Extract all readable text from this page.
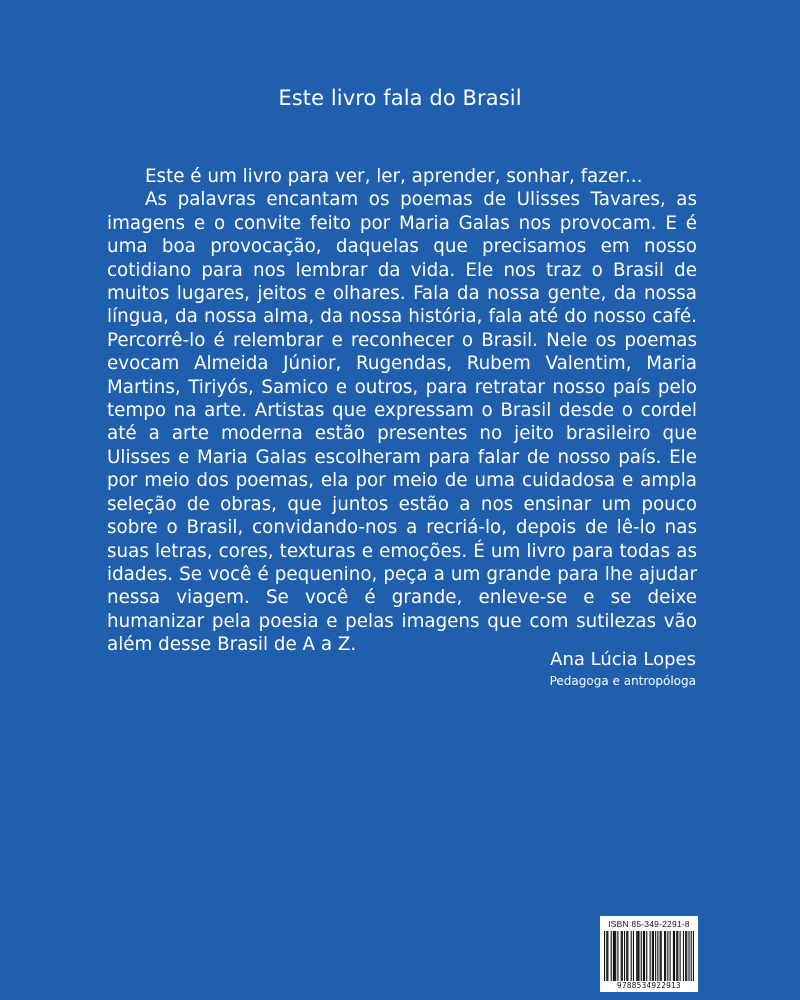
Este livro fala do Brasil

Este é um livro para ver, ler, aprender, sonhar, fazer...

As palavras encantam os poemas de Ulisses Tavares, as imagens e o convite feito por Maria Galas nos provocam. E é uma boa provocação, daquelas que precisamos em nosso cotidiano para nos lembrar da vida. Ele nos traz o Brasil de muitos lugares, jeitos e olhares. Fala da nossa gente, da nossa língua, da nossa alma, da nossa história, fala até do nosso café. Percorrê-lo é relembrar e reconhecer o Brasil. Nele os poemas evocam Almeida Júnior, Rugendas, Rubem Valentim, Maria Martins, Tiriyós, Samico e outros, para retratar nosso país pelo tempo na arte. Artistas que expressam o Brasil desde o cordel até a arte moderna estão presentes no jeito brasileiro que Ulisses e Maria Galas escolheram para falar de nosso país. Ele por meio dos poemas, ela por meio de uma cuidadosa e ampla seleção de obras, que juntos estão a nos ensinar um pouco sobre o Brasil, convidando-nos a recriá-lo, depois de lê-lo nas suas letras, cores, texturas e emoções. É um livro para todas as idades. Se você é pequenino, peça a um grande para lhe ajudar nessa viagem. Se você é grande, enleve-se e se deixe humanizar pela poesia e pelas imagens que com sutilezas vão além desse Brasil de A a Z.

Ana Lúcia Lopes
Pedagoga e antropóloga
ISBN 85-349-2291-8
9788534922913
